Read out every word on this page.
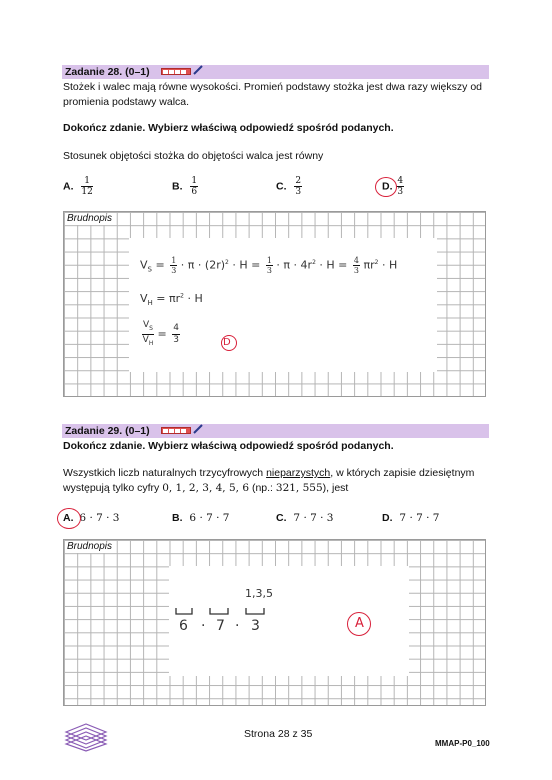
Zadanie 28. (0–1)
Stożek i walec mają równe wysokości. Promień podstawy stożka jest dwa razy większy od
promienia podstawy walca.
Dokończ zdanie. Wybierz właściwą odpowiedź spośród podanych.
Stosunek objętości stożka do objętości walca jest równy
A. $\frac{1}{12}$	B. $\frac{1}{6}$	C. $\frac{2}{3}$	D. $\frac{4}{3}$
Brudnopis
$V_S = \frac{1}{3} \cdot \pi \cdot (2r)^2 \cdot H = \frac{1}{3} \cdot \pi \cdot 4r^2 \cdot H = \frac{4}{3} \pi r^2 \cdot H$
$V_H = \pi r^2 \cdot H$
$\frac{V_S}{V_H} = \frac{4}{3}$	D
Zadanie 29. (0–1)
Dokończ zdanie. Wybierz właściwą odpowiedź spośród podanych.
Wszystkich liczb naturalnych trzycyfrowych nieparzystych, w których zapisie dziesiętnym
występują tylko cyfry 0, 1, 2, 3, 4, 5, 6 (np.: 321, 555), jest
A. 6 · 7 · 3	B. 6 · 7 · 7	C. 7 · 7 · 3	D. 7 · 7 · 7
Brudnopis
1,3,5
6 · 7 · 3	A
Strona 28 z 35
MMAP-P0_100
